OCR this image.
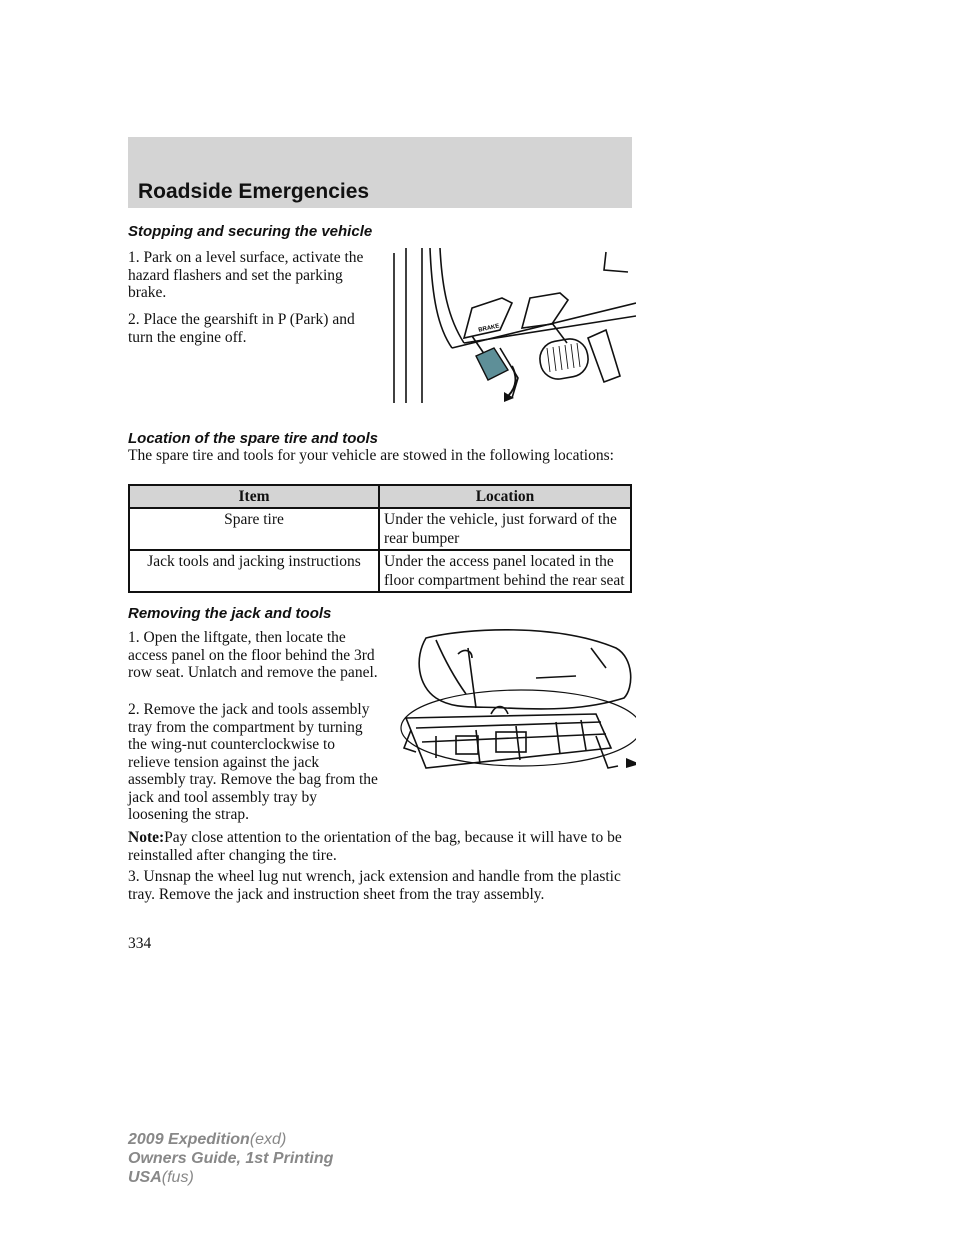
Roadside Emergencies
Stopping and securing the vehicle

1. Park on a level surface, activate the hazard flashers and set the parking brake.

2. Place the gearshift in P (Park) and turn the engine off.	BRAKE
Location of the spare tire and tools

The spare tire and tools for your vehicle are stowed in the following locations:

Item	Location
Spare tire	Under the vehicle, just forward of the rear bumper
Jack tools and jacking instructions	Under the access panel located in the floor compartment behind the rear seat
Removing the jack and tools

1. Open the liftgate, then locate the access panel on the floor behind the 3rd row seat. Unlatch and remove the panel.

2. Remove the jack and tools assembly tray from the compartment by turning the wing-nut counterclockwise to relieve tension against the jack assembly tray. Remove the bag from the jack and tool assembly tray by loosening the strap.

Note:Pay close attention to the orientation of the bag, because it will have to be reinstalled after changing the tire.

3. Unsnap the wheel lug nut wrench, jack extension and handle from the plastic tray. Remove the jack and instruction sheet from the tray assembly.

334
2009 Expedition(exd)
Owners Guide, 1st Printing
USA(fus)
